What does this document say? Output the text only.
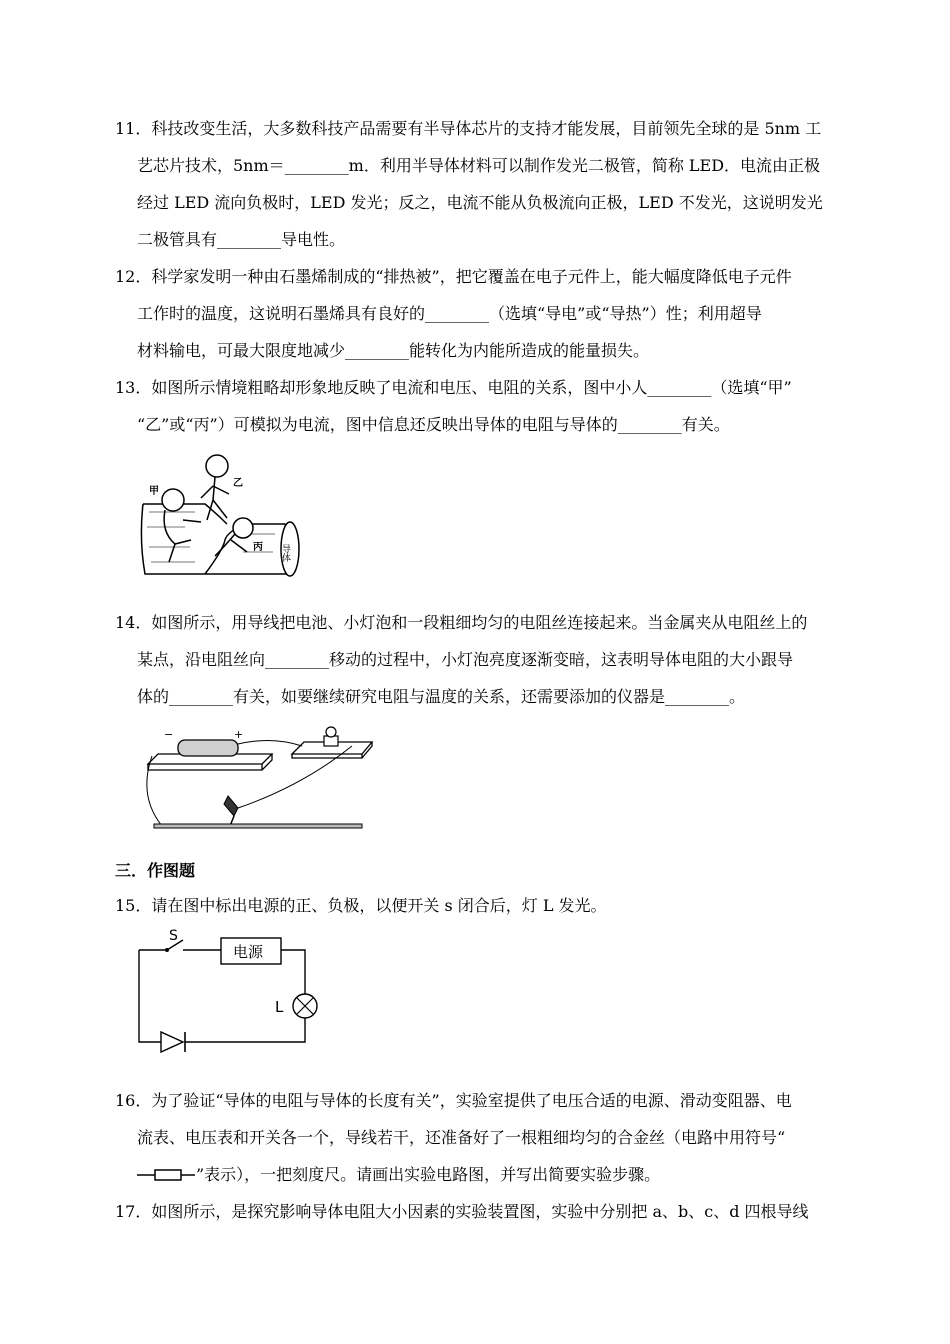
11．科技改变生活，大多数科技产品需要有半导体芯片的支持才能发展，目前领先全球的是 5nm 工
艺芯片技术，5nm＝________m．利用半导体材料可以制作发光二极管，简称 LED．电流由正极
经过 LED 流向负极时，LED 发光；反之，电流不能从负极流向正极，LED 不发光，这说明发光
二极管具有________导电性。
12．科学家发明一种由石墨烯制成的“排热被”，把它覆盖在电子元件上，能大幅度降低电子元件
工作时的温度，这说明石墨烯具有良好的________（选填“导电”或“导热”）性；利用超导
材料输电，可最大限度地减少________能转化为内能所造成的能量损失。
13．如图所示情境粗略却形象地反映了电流和电压、电阻的关系，图中小人________（选填“甲”
“乙”或“丙”）可模拟为电流，图中信息还反映出导体的电阻与导体的________有关。
甲
乙
丙 导体
14．如图所示，用导线把电池、小灯泡和一段粗细均匀的电阻丝连接起来。当金属夹从电阻丝上的
某点，沿电阻丝向________移动的过程中，小灯泡亮度逐渐变暗，这表明导体电阻的大小跟导
体的________有关，如要继续研究电阻与温度的关系，还需要添加的仪器是________。
−	+
三．作图题
15．请在图中标出电源的正、负极，以便开关 s 闭合后，灯 L 发光。
S
电源
L
16．为了验证“导体的电阻与导体的长度有关”，实验室提供了电压合适的电源、滑动变阻器、电
流表、电压表和开关各一个，导线若干，还准备好了一根粗细均匀的合金丝（电路中用符号“
”表示），一把刻度尺。请画出实验电路图，并写出简要实验步骤。
17．如图所示，是探究影响导体电阻大小因素的实验装置图，实验中分别把 a、b、c、d 四根导线
